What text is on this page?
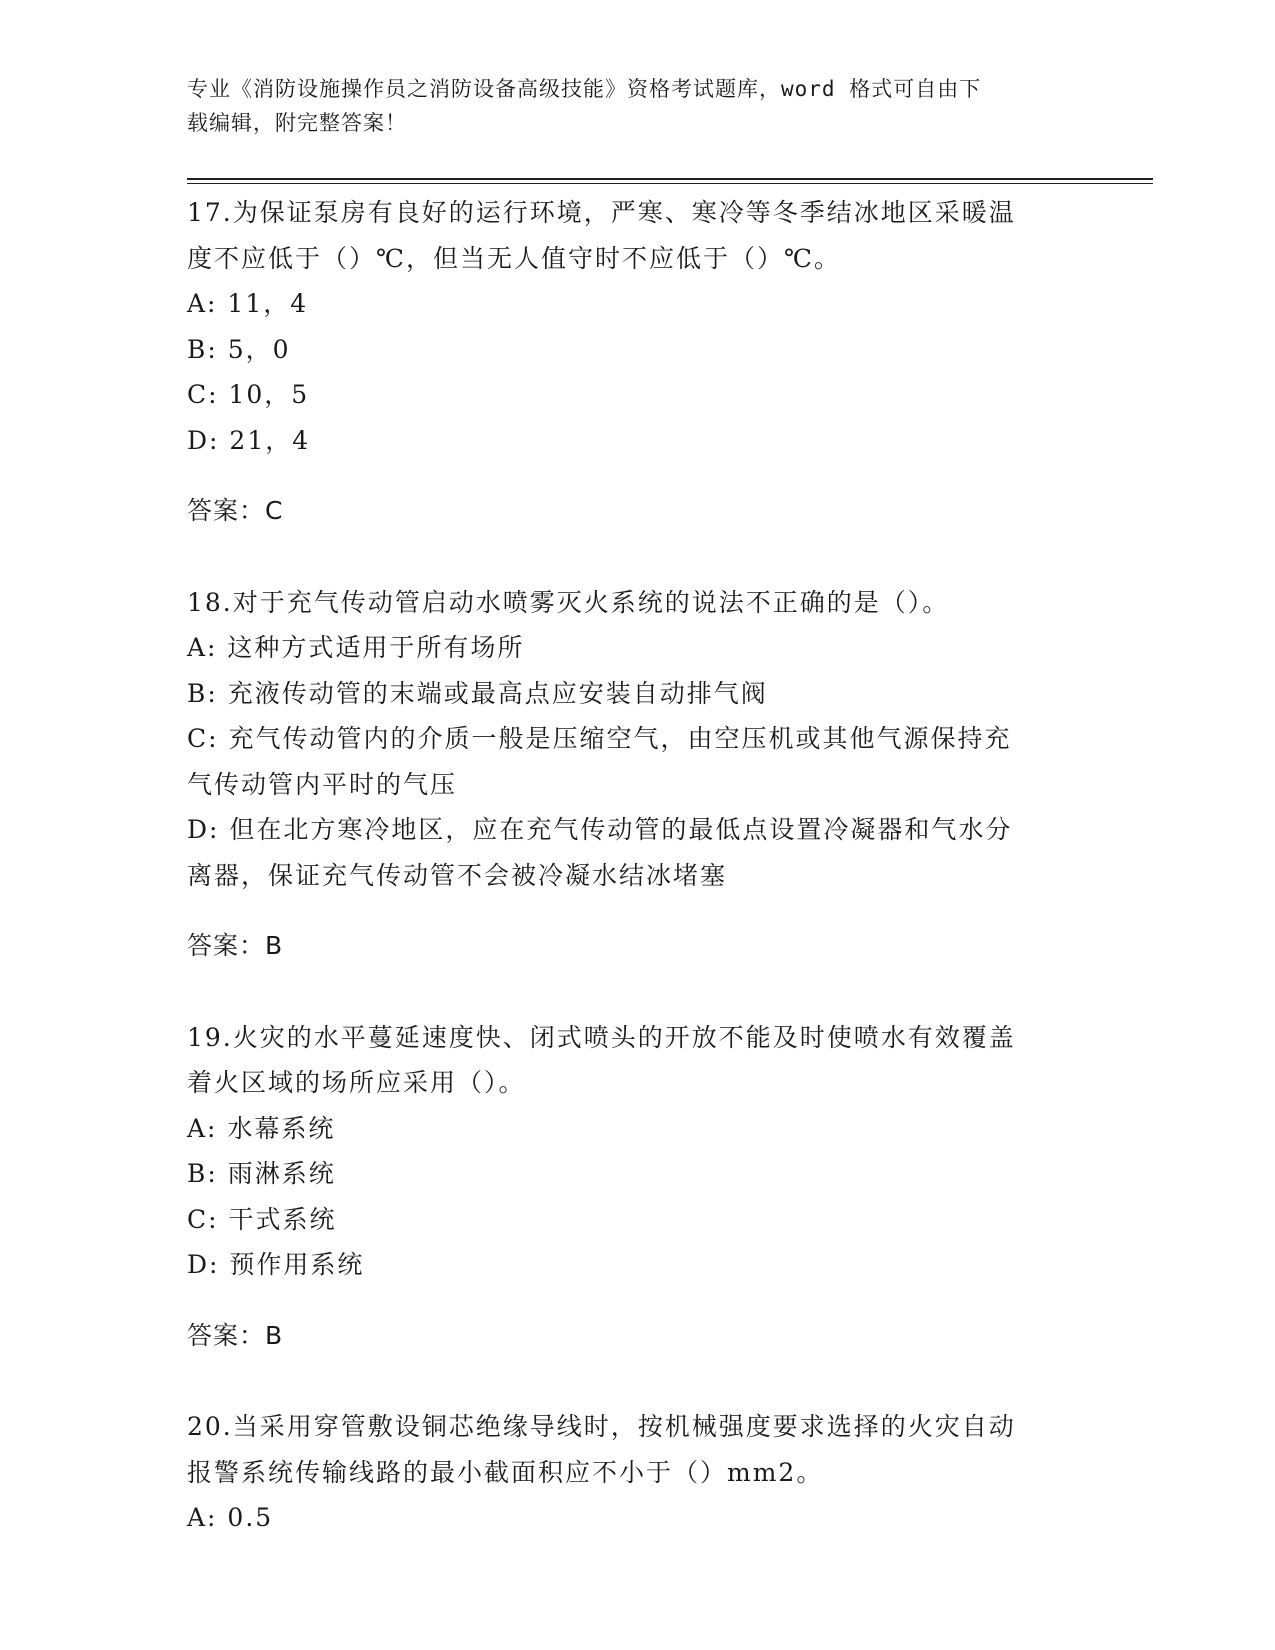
专业《消防设施操作员之消防设备高级技能》资格考试题库，word 格式可自由下
载编辑，附完整答案！

17.为保证泵房有良好的运行环境，严寒、寒冷等冬季结冰地区采暖温

度不应低于（）℃，但当无人值守时不应低于（）℃。

A: 11，4

B: 5，0

C: 10，5

D: 21，4

答案：C

18.对于充气传动管启动水喷雾灭火系统的说法不正确的是（）。

A: 这种方式适用于所有场所

B: 充液传动管的末端或最高点应安装自动排气阀

C: 充气传动管内的介质一般是压缩空气，由空压机或其他气源保持充

气传动管内平时的气压

D: 但在北方寒冷地区，应在充气传动管的最低点设置冷凝器和气水分

离器，保证充气传动管不会被冷凝水结冰堵塞

答案：B

19.火灾的水平蔓延速度快、闭式喷头的开放不能及时使喷水有效覆盖

着火区域的场所应采用（）。

A: 水幕系统

B: 雨淋系统

C: 干式系统

D: 预作用系统

答案：B

20.当采用穿管敷设铜芯绝缘导线时，按机械强度要求选择的火灾自动

报警系统传输线路的最小截面积应不小于（）mm2。

A: 0.5
